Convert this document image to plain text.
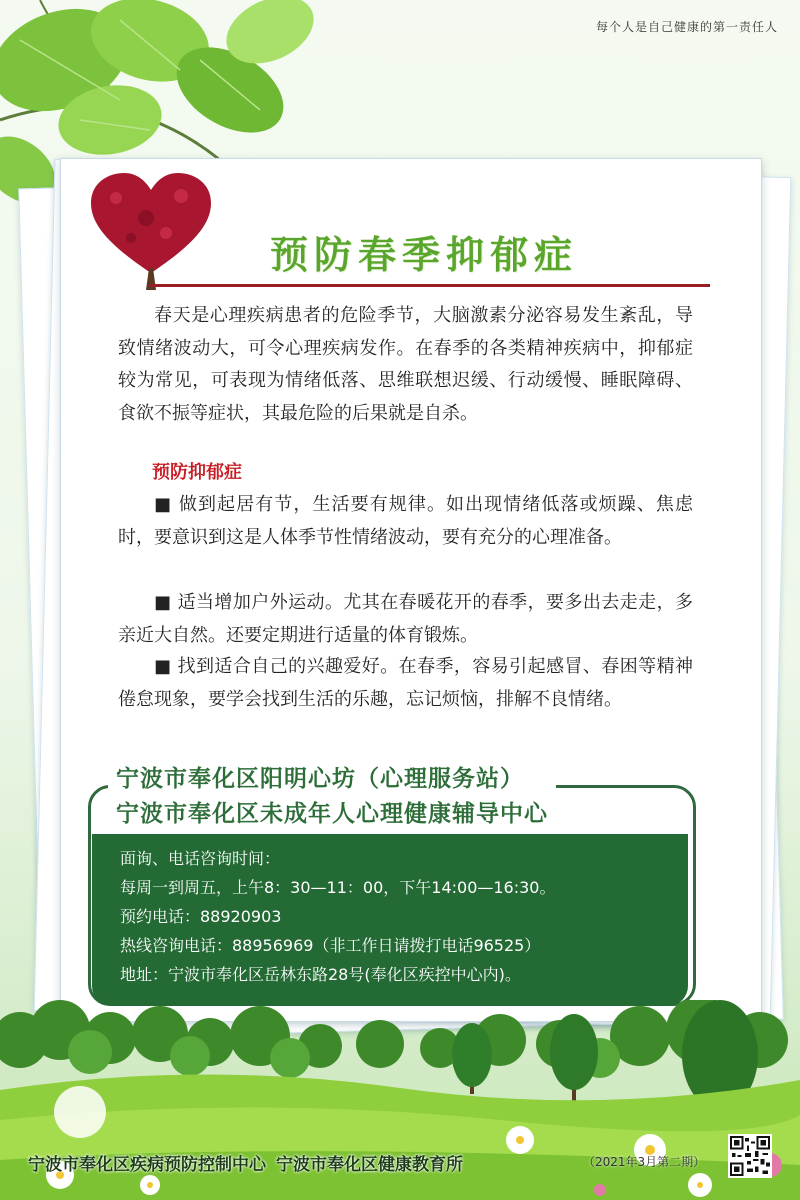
每个人是自己健康的第一责任人
预防春季抑郁症

春天是心理疾病患者的危险季节，大脑激素分泌容易发生紊乱，导致情绪波动大，可令心理疾病发作。在春季的各类精神疾病中，抑郁症较为常见，可表现为情绪低落、思维联想迟缓、行动缓慢、睡眠障碍、食欲不振等症状，其最危险的后果就是自杀。

预防抑郁症

■ 做到起居有节，生活要有规律。如出现情绪低落或烦躁、焦虑时，要意识到这是人体季节性情绪波动，要有充分的心理准备。

■ 适当增加户外运动。尤其在春暖花开的春季，要多出去走走，多亲近大自然。还要定期进行适量的体育锻炼。

■ 找到适合自己的兴趣爱好。在春季，容易引起感冒、春困等精神倦怠现象，要学会找到生活的乐趣，忘记烦恼，排解不良情绪。

宁波市奉化区阳明心坊（心理服务站）

宁波市奉化区未成年人心理健康辅导中心

面询、电话咨询时间：

每周一到周五，上午8：30—11：00，下午14:00—16:30。

预约电话：88920903

热线咨询电话：88956969（非工作日请拨打电话96525）

地址：宁波市奉化区岳林东路28号(奉化区疾控中心内)。

宁波市奉化区疾病预防控制中心 宁波市奉化区健康教育所	（2021年3月第二期）
